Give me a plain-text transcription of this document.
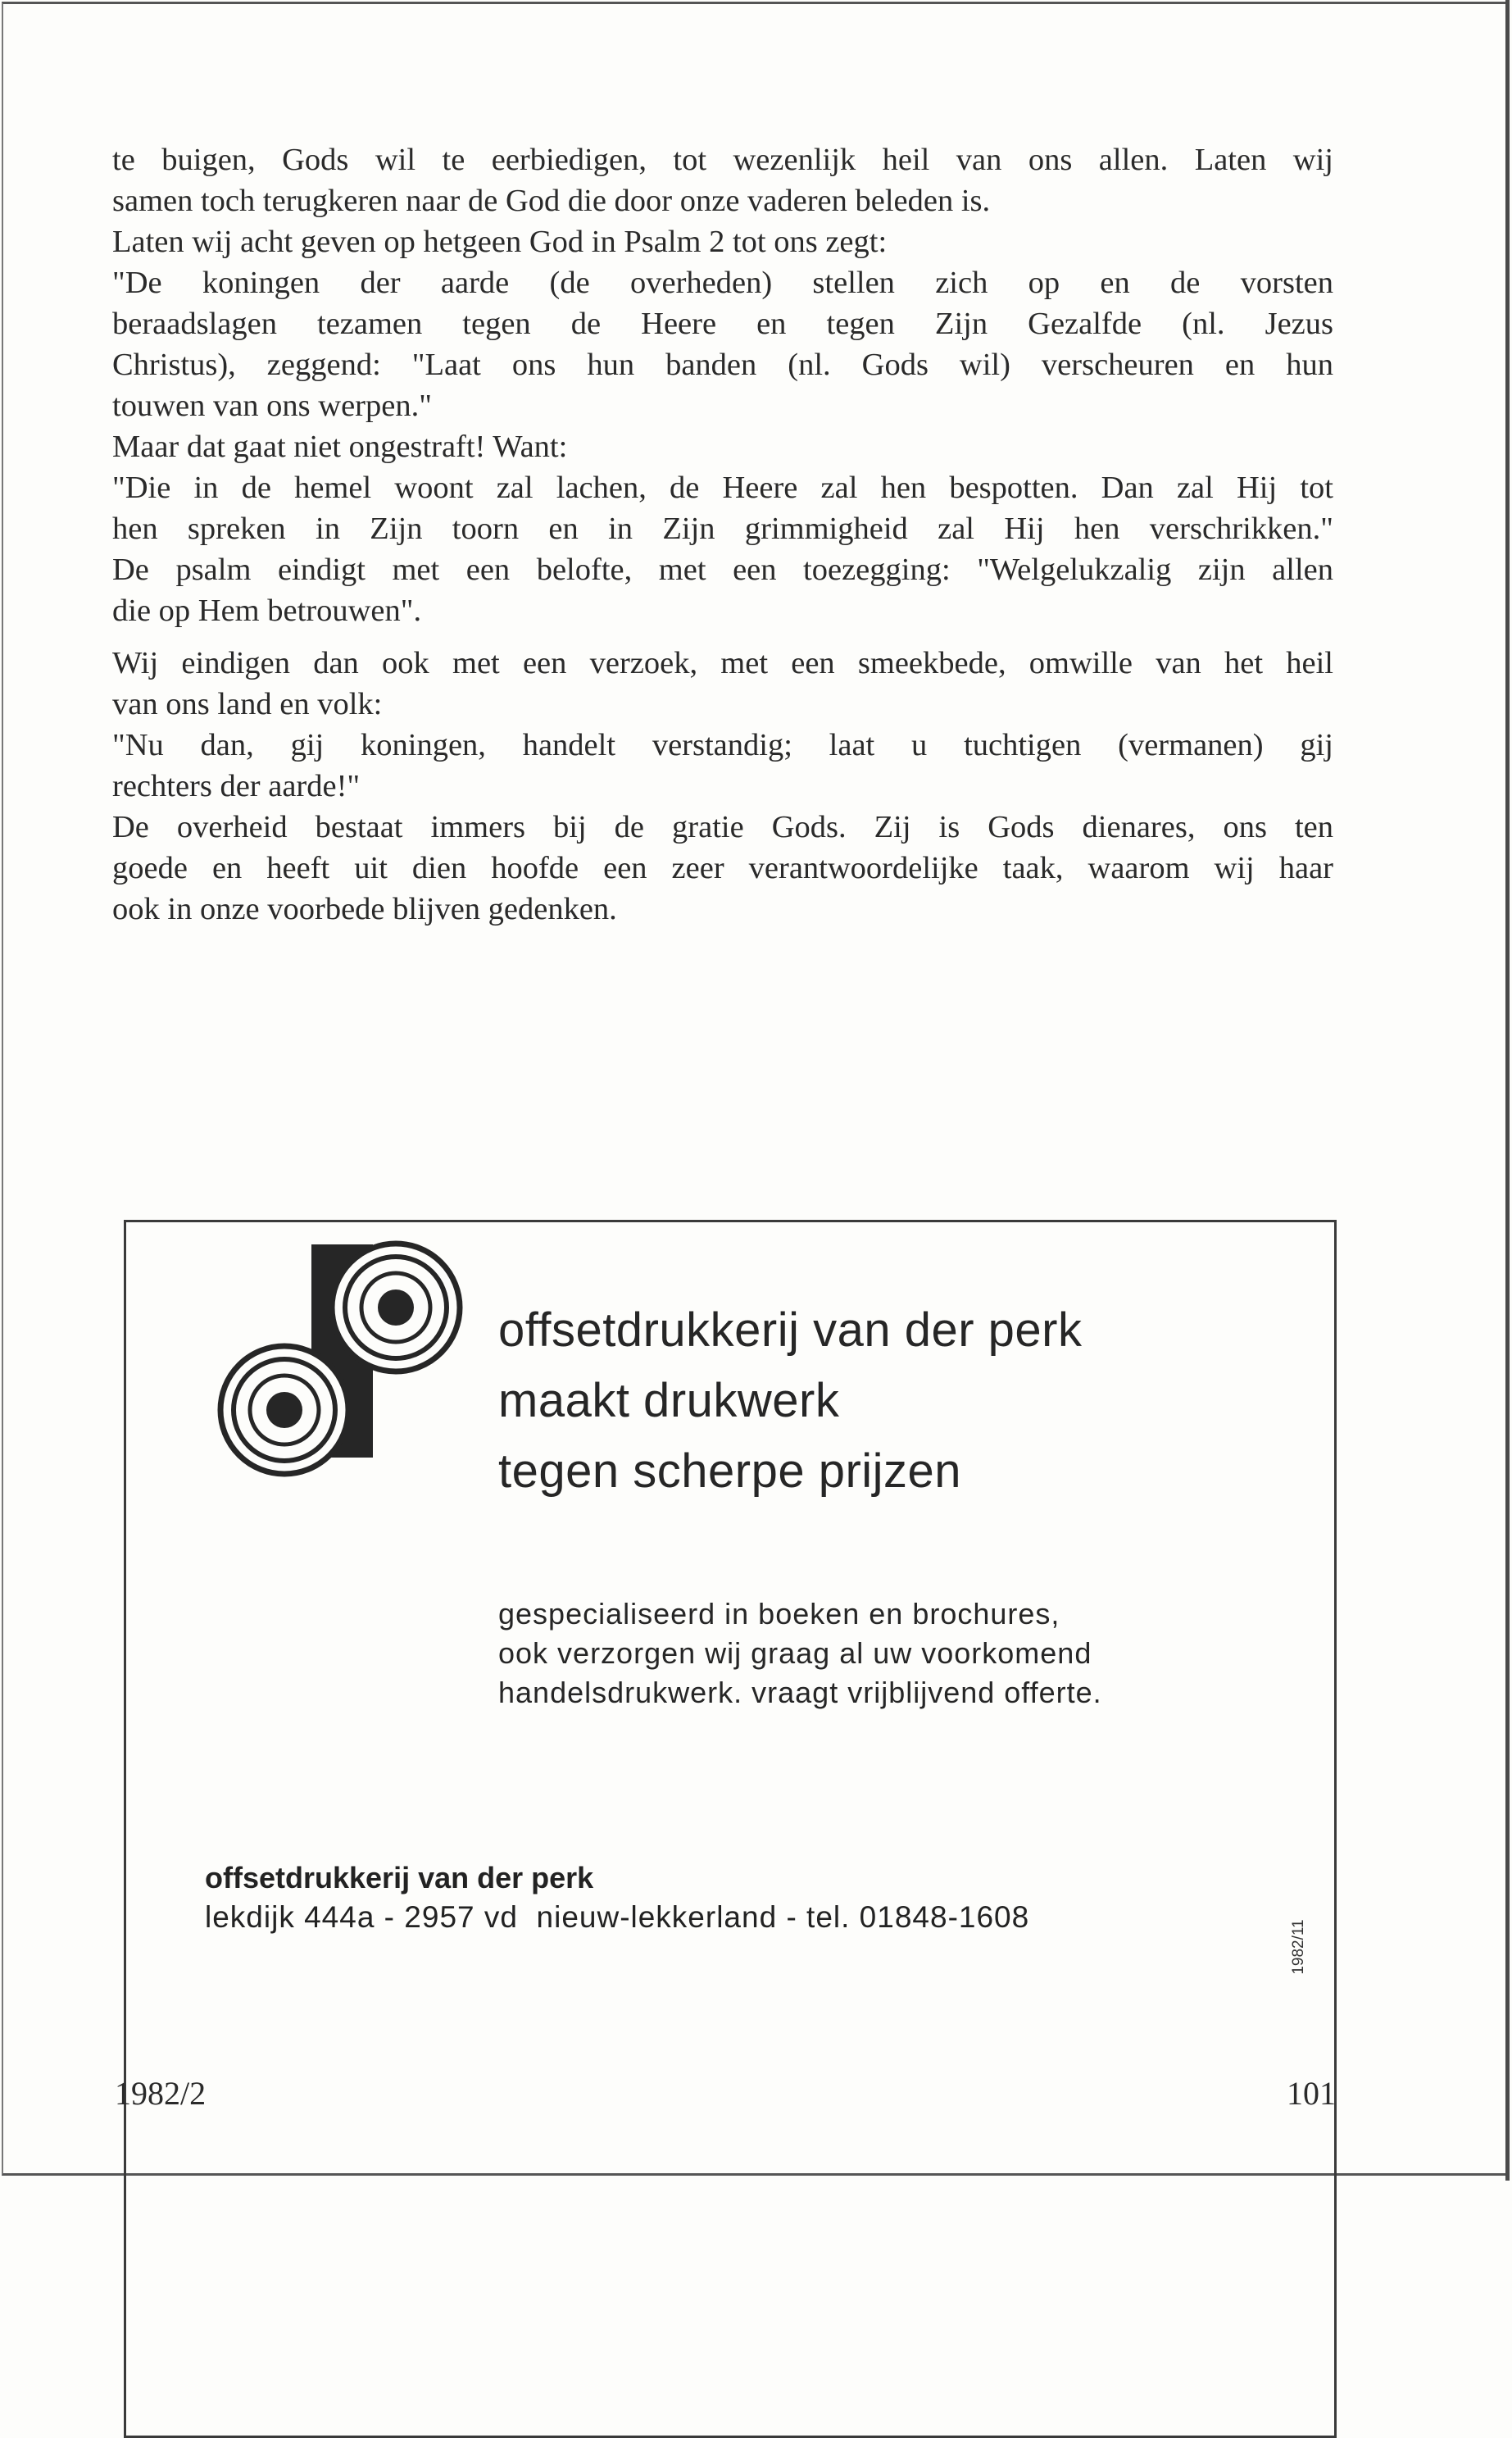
te buigen, Gods wil te eerbiedigen, tot wezenlijk heil van ons allen. Laten wij
samen toch terugkeren naar de God die door onze vaderen beleden is.
Laten wij acht geven op hetgeen God in Psalm 2 tot ons zegt:
"De koningen der aarde (de overheden) stellen zich op en de vorsten
beraadslagen tezamen tegen de Heere en tegen Zijn Gezalfde (nl. Jezus
Christus), zeggend: "Laat ons hun banden (nl. Gods wil) verscheuren en hun
touwen van ons werpen."
Maar dat gaat niet ongestraft! Want:
"Die in de hemel woont zal lachen, de Heere zal hen bespotten. Dan zal Hij tot
hen spreken in Zijn toorn en in Zijn grimmigheid zal Hij hen verschrikken."
De psalm eindigt met een belofte, met een toezegging: "Welgelukzalig zijn allen
die op Hem betrouwen".
Wij eindigen dan ook met een verzoek, met een smeekbede, omwille van het heil
van ons land en volk:
"Nu dan, gij koningen, handelt verstandig; laat u tuchtigen (vermanen) gij
rechters der aarde!"
De overheid bestaat immers bij de gratie Gods. Zij is Gods dienares, ons ten
goede en heeft uit dien hoofde een zeer verantwoordelijke taak, waarom wij haar
ook in onze voorbede blijven gedenken.
offsetdrukkerij van der perk
maakt drukwerk
tegen scherpe prijzen
gespecialiseerd in boeken en brochures,
ook verzorgen wij graag al uw voorkomend
handelsdrukwerk. vraagt vrijblijvend offerte.
offsetdrukkerij van der perk
lekdijk 444a - 2957 vd  nieuw-lekkerland - tel. 01848-1608
1982/11
1982/2	101
